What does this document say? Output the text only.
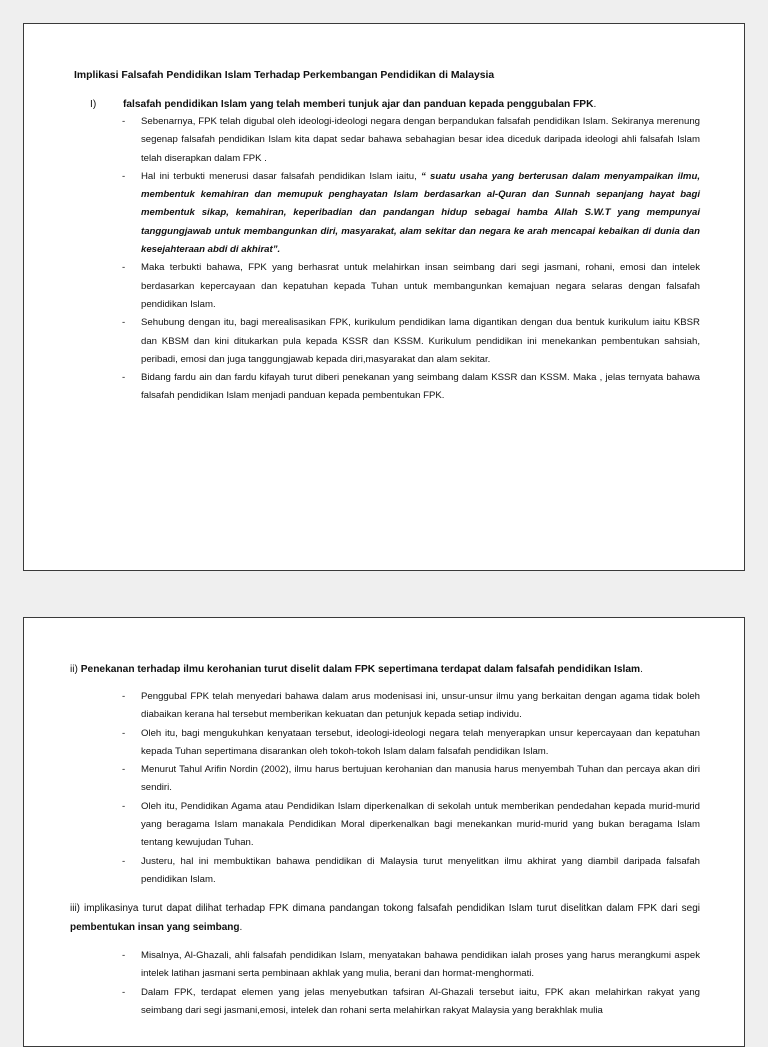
Implikasi Falsafah Pendidikan Islam Terhadap Perkembangan Pendidikan di Malaysia
I)	falsafah pendidikan Islam yang telah memberi tunjuk ajar dan panduan kepada penggubalan FPK.
- Sebenarnya, FPK telah digubal oleh ideologi-ideologi negara dengan berpandukan falsafah pendidikan Islam. Sekiranya merenung segenap falsafah pendidikan Islam kita dapat sedar bahawa sebahagian besar idea diceduk daripada ideologi ahli falsafah Islam telah diserapkan dalam FPK .
- Hal ini terbukti menerusi dasar falsafah pendidikan Islam iaitu, “ suatu usaha yang berterusan dalam menyampaikan ilmu, membentuk kemahiran dan memupuk penghayatan Islam berdasarkan al-Quran dan Sunnah sepanjang hayat bagi membentuk sikap, kemahiran, keperibadian dan pandangan hidup sebagai hamba Allah S.W.T yang mempunyai tanggungjawab untuk membangunkan diri, masyarakat, alam sekitar dan negara ke arah mencapai kebaikan di dunia dan kesejahteraan abdi di akhirat”.
- Maka terbukti bahawa, FPK yang berhasrat untuk melahirkan insan seimbang dari segi jasmani, rohani, emosi dan intelek berdasarkan kepercayaan dan kepatuhan kepada Tuhan untuk membangunkan kemajuan negara selaras dengan falsafah pendidikan Islam.
- Sehubung dengan itu, bagi merealisasikan FPK, kurikulum pendidikan lama digantikan dengan dua bentuk kurikulum iaitu KBSR dan KBSM dan kini ditukarkan pula kepada KSSR dan KSSM. Kurikulum pendidikan ini menekankan pembentukan sahsiah, peribadi, emosi dan juga tanggungjawab kepada diri,masyarakat dan alam sekitar.
- Bidang fardu ain dan fardu kifayah turut diberi penekanan yang seimbang dalam KSSR dan KSSM. Maka , jelas ternyata bahawa falsafah pendidikan Islam menjadi panduan kepada pembentukan FPK.
ii) Penekanan terhadap ilmu kerohanian turut diselit dalam FPK sepertimana terdapat dalam falsafah pendidikan Islam.
- Penggubal FPK telah menyedari bahawa dalam arus modenisasi ini, unsur-unsur ilmu yang berkaitan dengan agama tidak boleh diabaikan kerana hal tersebut memberikan kekuatan dan petunjuk kepada setiap individu.
- Oleh itu, bagi mengukuhkan kenyataan tersebut, ideologi-ideologi negara telah menyerapkan unsur kepercayaan dan kepatuhan kepada Tuhan sepertimana disarankan oleh tokoh-tokoh Islam dalam falsafah pendidikan Islam.
- Menurut Tahul Arifin Nordin (2002), ilmu harus bertujuan kerohanian dan manusia harus menyembah Tuhan dan percaya akan diri sendiri.
- Oleh itu, Pendidikan Agama atau Pendidikan Islam diperkenalkan di sekolah untuk memberikan pendedahan kepada murid-murid yang beragama Islam manakala Pendidikan Moral diperkenalkan bagi menekankan murid-murid yang bukan beragama Islam tentang kewujudan Tuhan.
- Justeru, hal ini membuktikan bahawa pendidikan di Malaysia turut menyelitkan ilmu akhirat yang diambil daripada falsafah pendidikan Islam.
iii) implikasinya turut dapat dilihat terhadap FPK dimana pandangan tokong falsafah pendidikan Islam turut diselitkan dalam FPK dari segi pembentukan insan yang seimbang.
- Misalnya, Al-Ghazali, ahli falsafah pendidikan Islam, menyatakan bahawa pendidikan ialah proses yang harus merangkumi aspek intelek latihan jasmani serta pembinaan akhlak yang mulia, berani dan hormat-menghormati.
- Dalam FPK, terdapat elemen yang jelas menyebutkan tafsiran Al-Ghazali tersebut iaitu, FPK akan melahirkan rakyat yang seimbang dari segi jasmani,emosi, intelek dan rohani serta melahirkan rakyat Malaysia yang berakhlak mulia
